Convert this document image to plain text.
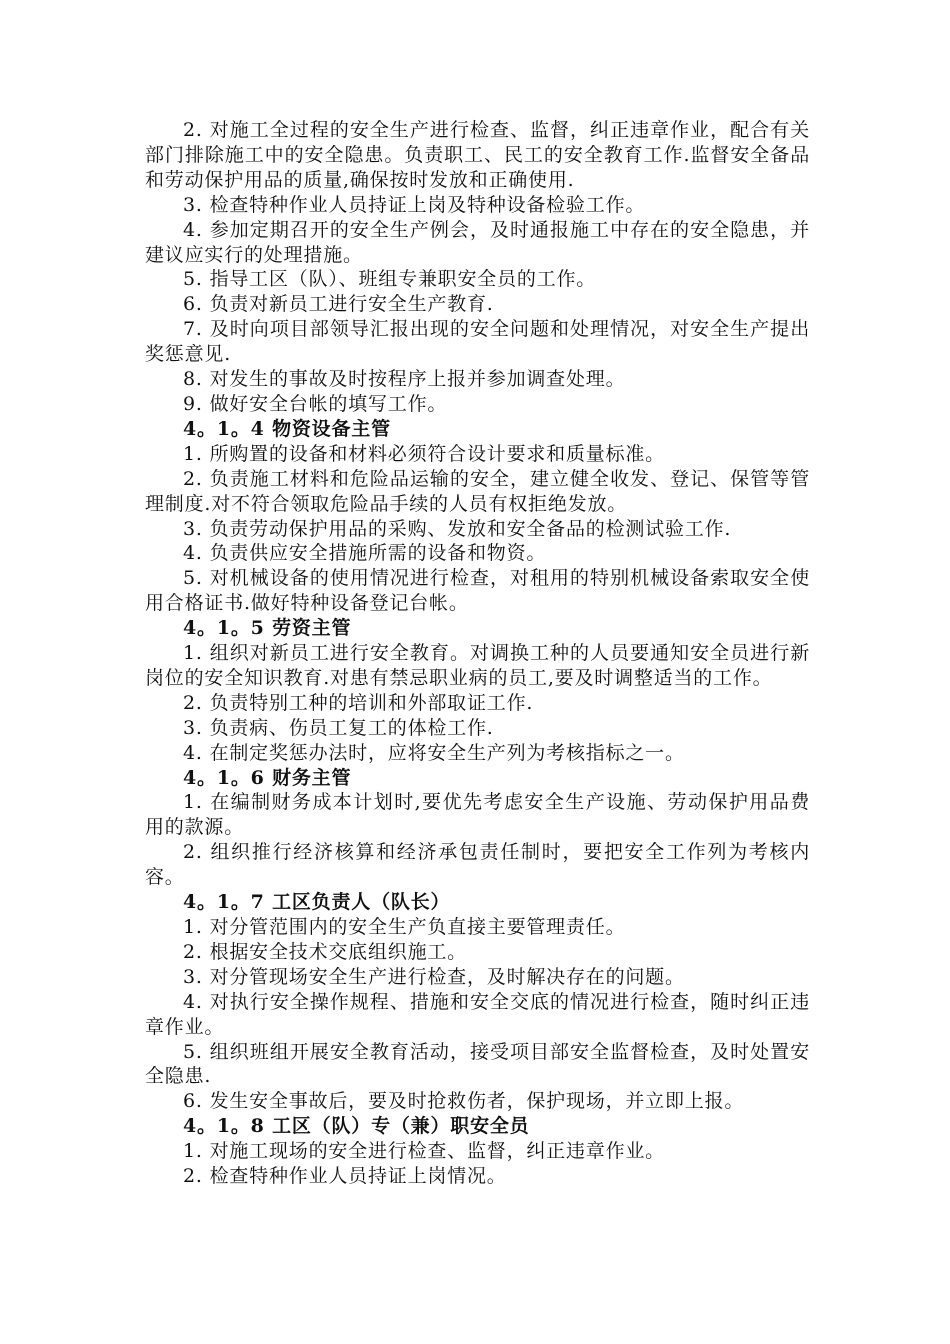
2. 对施工全过程的安全生产进行检查、监督，纠正违章作业，配合有关部门排除施工中的安全隐患。负责职工、民工的安全教育工作.监督安全备品和劳动保护用品的质量,确保按时发放和正确使用.

3. 检查特种作业人员持证上岗及特种设备检验工作。

4. 参加定期召开的安全生产例会，及时通报施工中存在的安全隐患，并建议应实行的处理措施。

5. 指导工区（队）、班组专兼职安全员的工作。

6. 负责对新员工进行安全生产教育.

7. 及时向项目部领导汇报出现的安全问题和处理情况，对安全生产提出奖惩意见.

8. 对发生的事故及时按程序上报并参加调查处理。

9. 做好安全台帐的填写工作。

4。1。4 物资设备主管

1. 所购置的设备和材料必须符合设计要求和质量标准。

2. 负责施工材料和危险品运输的安全，建立健全收发、登记、保管等管理制度.对不符合领取危险品手续的人员有权拒绝发放。

3. 负责劳动保护用品的采购、发放和安全备品的检测试验工作.

4. 负责供应安全措施所需的设备和物资。

5. 对机械设备的使用情况进行检查，对租用的特别机械设备索取安全使用合格证书.做好特种设备登记台帐。

4。1。5 劳资主管

1. 组织对新员工进行安全教育。对调换工种的人员要通知安全员进行新岗位的安全知识教育.对患有禁忌职业病的员工,要及时调整适当的工作。

2. 负责特别工种的培训和外部取证工作.

3. 负责病、伤员工复工的体检工作.

4. 在制定奖惩办法时，应将安全生产列为考核指标之一。

4。1。6 财务主管

1. 在编制财务成本计划时,要优先考虑安全生产设施、劳动保护用品费用的款源。

2. 组织推行经济核算和经济承包责任制时，要把安全工作列为考核内容。

4。1。7 工区负责人（队长）

1. 对分管范围内的安全生产负直接主要管理责任。

2. 根据安全技术交底组织施工。

3. 对分管现场安全生产进行检查，及时解决存在的问题。

4. 对执行安全操作规程、措施和安全交底的情况进行检查，随时纠正违章作业。

5. 组织班组开展安全教育活动，接受项目部安全监督检查，及时处置安全隐患.

6. 发生安全事故后，要及时抢救伤者，保护现场，并立即上报。

4。1。8 工区（队）专（兼）职安全员

1. 对施工现场的安全进行检查、监督，纠正违章作业。

2. 检查特种作业人员持证上岗情况。
